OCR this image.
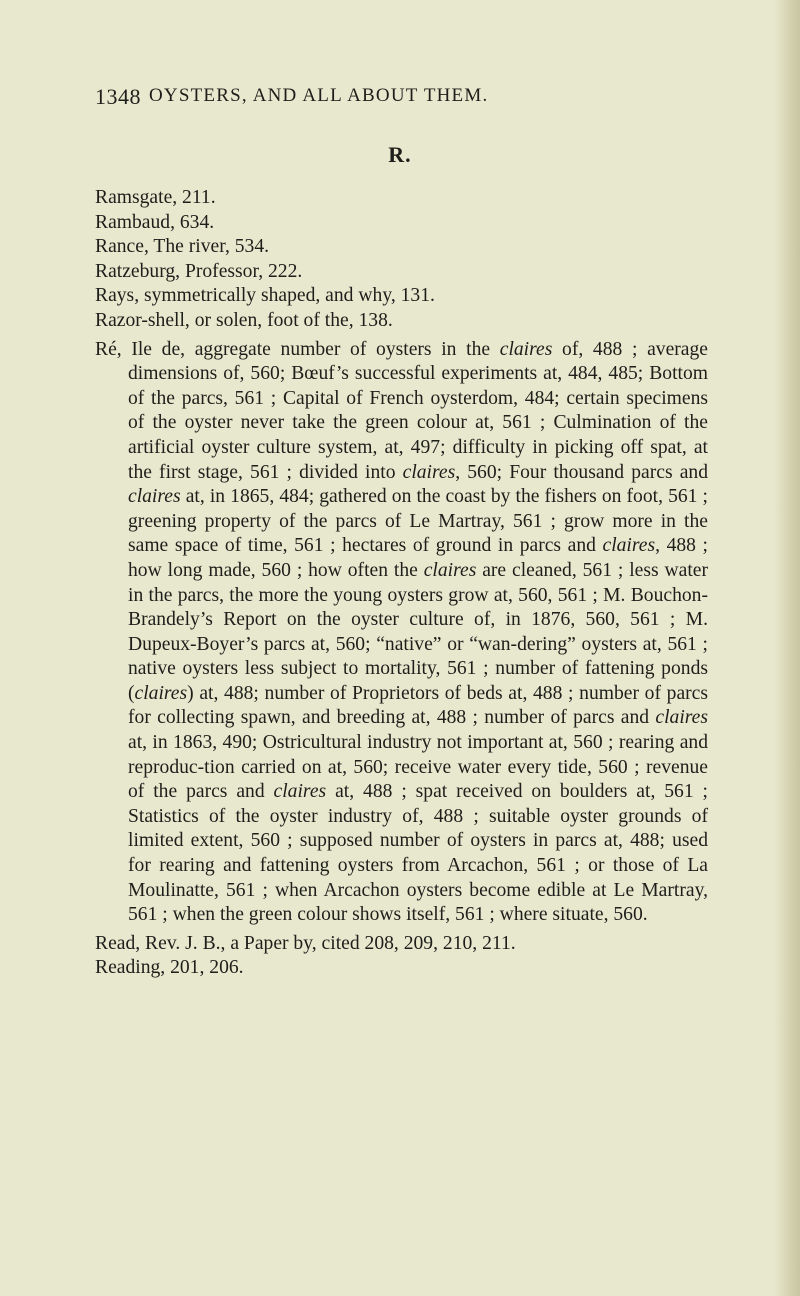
1348 OYSTERS, AND ALL ABOUT THEM.
R.

Ramsgate, 211.

Rambaud, 634.

Rance, The river, 534.

Ratzeburg, Professor, 222.

Rays, symmetrically shaped, and why, 131.

Razor-shell, or solen, foot of the, 138.

Ré, Ile de, aggregate number of oysters in the claires of, 488 ; average dimensions of, 560; Bœuf’s successful experiments at, 484, 485; Bottom of the parcs, 561 ; Capital of French oysterdom, 484; certain specimens of the oyster never take the green colour at, 561 ; Culmination of the artificial oyster culture system, at, 497; difficulty in picking off spat, at the first stage, 561 ; divided into claires, 560; Four thousand parcs and claires at, in 1865, 484; gathered on the coast by the fishers on foot, 561 ; greening property of the parcs of Le Martray, 561 ; grow more in the same space of time, 561 ; hectares of ground in parcs and claires, 488 ; how long made, 560 ; how often the claires are cleaned, 561 ; less water in the parcs, the more the young oysters grow at, 560, 561 ; M. Bouchon-Brandely’s Report on the oyster culture of, in 1876, 560, 561 ; M. Dupeux-Boyer’s parcs at, 560; “native” or “wan-dering” oysters at, 561 ; native oysters less subject to mortality, 561 ; number of fattening ponds (claires) at, 488; number of Proprietors of beds at, 488 ; number of parcs for collecting spawn, and breeding at, 488 ; number of parcs and claires at, in 1863, 490; Ostricultural industry not important at, 560 ; rearing and reproduc-tion carried on at, 560; receive water every tide, 560 ; revenue of the parcs and claires at, 488 ; spat received on boulders at, 561 ; Statistics of the oyster industry of, 488 ; suitable oyster grounds of limited extent, 560 ; supposed number of oysters in parcs at, 488; used for rearing and fattening oysters from Arcachon, 561 ; or those of La Moulinatte, 561 ; when Arcachon oysters become edible at Le Martray, 561 ; when the green colour shows itself, 561 ; where situate, 560.

Read, Rev. J. B., a Paper by, cited 208, 209, 210, 211.

Reading, 201, 206.
